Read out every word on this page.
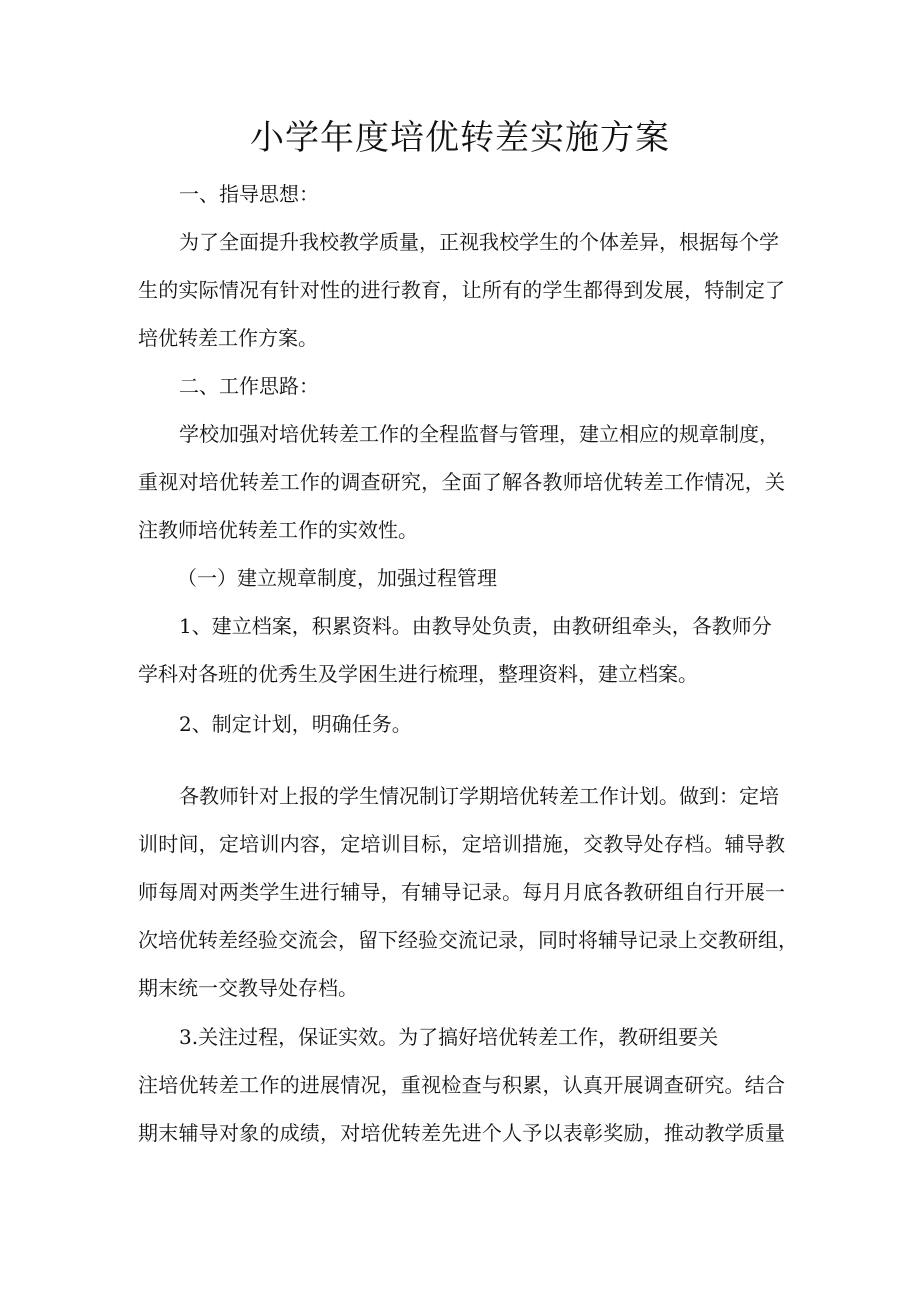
小学年度培优转差实施方案

一、指导思想：

为了全面提升我校教学质量，正视我校学生的个体差异，根据每个学

生的实际情况有针对性的进行教育，让所有的学生都得到发展，特制定了

培优转差工作方案。

二、工作思路：

学校加强对培优转差工作的全程监督与管理，建立相应的规章制度，

重视对培优转差工作的调查研究，全面了解各教师培优转差工作情况，关

注教师培优转差工作的实效性。

（一）建立规章制度，加强过程管理

1、建立档案，积累资料。由教导处负责，由教研组牵头，各教师分

学科对各班的优秀生及学困生进行梳理，整理资料，建立档案。

2、制定计划，明确任务。

各教师针对上报的学生情况制订学期培优转差工作计划。做到：定培

训时间，定培训内容，定培训目标，定培训措施，交教导处存档。辅导教

师每周对两类学生进行辅导，有辅导记录。每月月底各教研组自行开展一

次培优转差经验交流会，留下经验交流记录，同时将辅导记录上交教研组，

期末统一交教导处存档。

3.关注过程，保证实效。为了搞好培优转差工作，教研组要关

注培优转差工作的进展情况，重视检查与积累，认真开展调查研究。结合

期末辅导对象的成绩，对培优转差先进个人予以表彰奖励，推动教学质量
